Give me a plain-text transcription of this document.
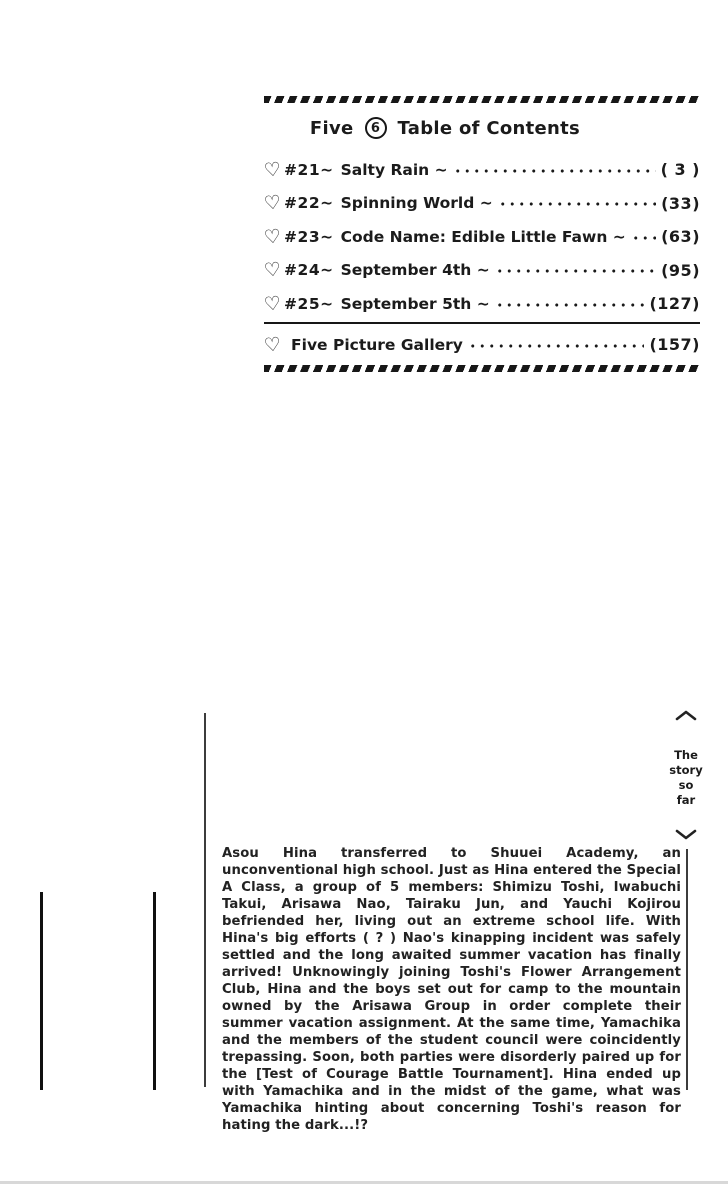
Five	6 Table of Contents
♡ #21~ Salty Rain ~	( 3 )
♡ #22~ Spinning World ~	(33)
♡ #23~ Code Name: Edible Little Fawn ~ (63)
♡ #24~ September 4th ~	(95)
♡ #25~ September 5th ~	(127)
♡ Five Picture Gallery	(157)
The
story
so
far
Asou Hina transferred to Shuuei Academy, an unconventional high school. Just as Hina entered the Special A Class, a group of 5 members: Shimizu Toshi, Iwabuchi Takui, Arisawa Nao, Tairaku Jun, and Yauchi Kojirou befriended her, living out an extreme school life. With Hina's big efforts ( ? ) Nao's kinapping incident was safely settled and the long awaited summer vacation has finally arrived! Unknowingly joining Toshi's Flower Arrangement Club, Hina and the boys set out for camp to the mountain owned by the Arisawa Group in order complete their summer vacation assignment. At the same time, Yamachika and the members of the student council were coincidently trepassing. Soon, both parties were disorderly paired up for the [Test of Courage Battle Tournament]. Hina ended up with Yamachika and in the midst of the game, what was Yamachika hinting about concerning Toshi's reason for hating the dark...!?
